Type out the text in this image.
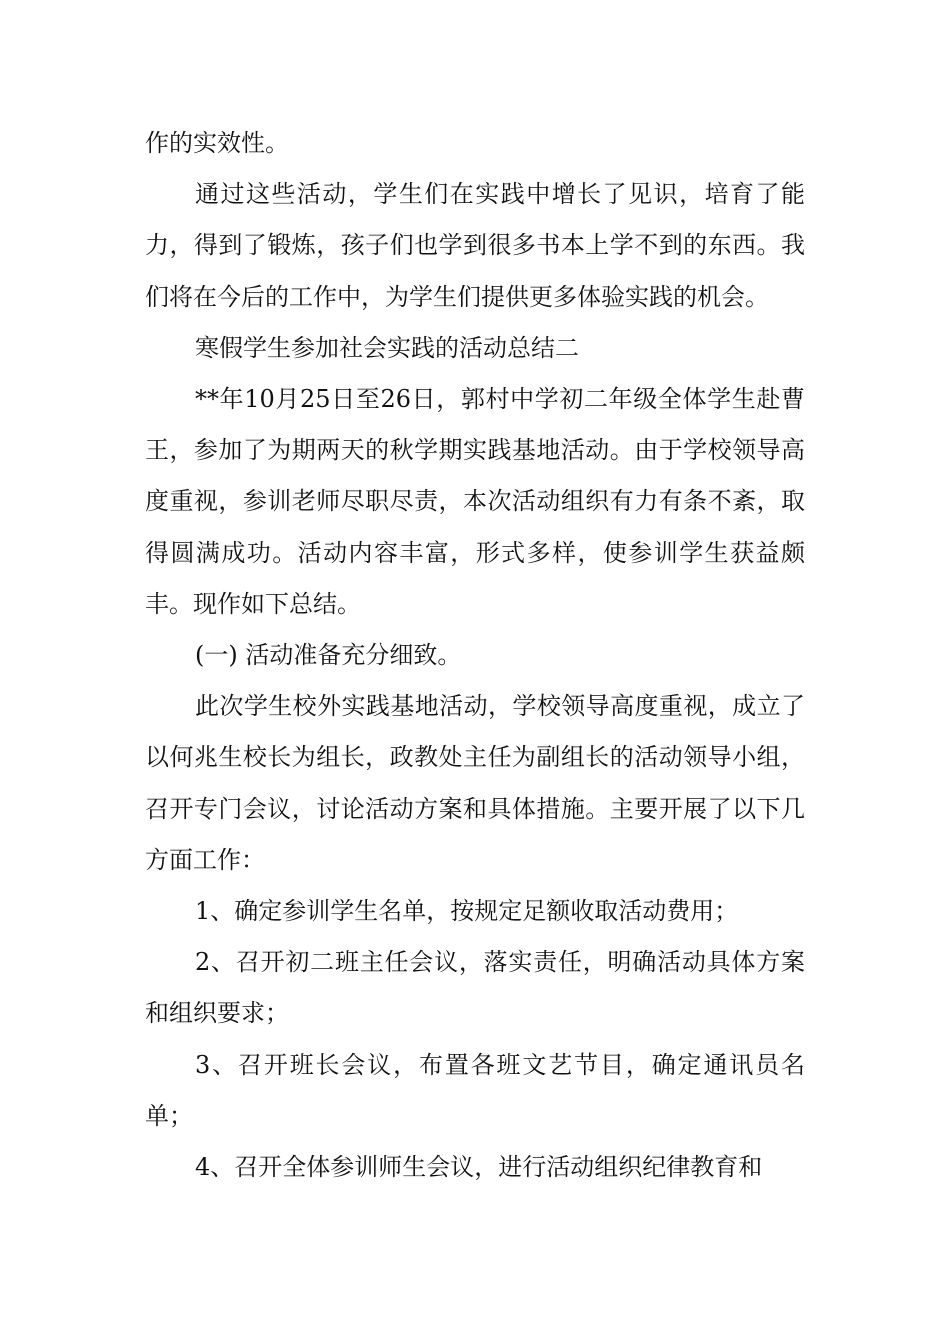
作的实效性。

通过这些活动，学生们在实践中增长了见识，培育了能力，得到了锻炼，孩子们也学到很多书本上学不到的东西。我们将在今后的工作中，为学生们提供更多体验实践的机会。

寒假学生参加社会实践的活动总结二

**年10月25日至26日，郭村中学初二年级全体学生赴曹王，参加了为期两天的秋学期实践基地活动。由于学校领导高度重视，参训老师尽职尽责，本次活动组织有力有条不紊，取得圆满成功。活动内容丰富，形式多样，使参训学生获益颇丰。现作如下总结。

(一) 活动准备充分细致。

此次学生校外实践基地活动，学校领导高度重视，成立了以何兆生校长为组长，政教处主任为副组长的活动领导小组，召开专门会议，讨论活动方案和具体措施。主要开展了以下几方面工作：

1、确定参训学生名单，按规定足额收取活动费用；

2、召开初二班主任会议，落实责任，明确活动具体方案和组织要求；

3、召开班长会议，布置各班文艺节目，确定通讯员名单；

4、召开全体参训师生会议，进行活动组织纪律教育和
